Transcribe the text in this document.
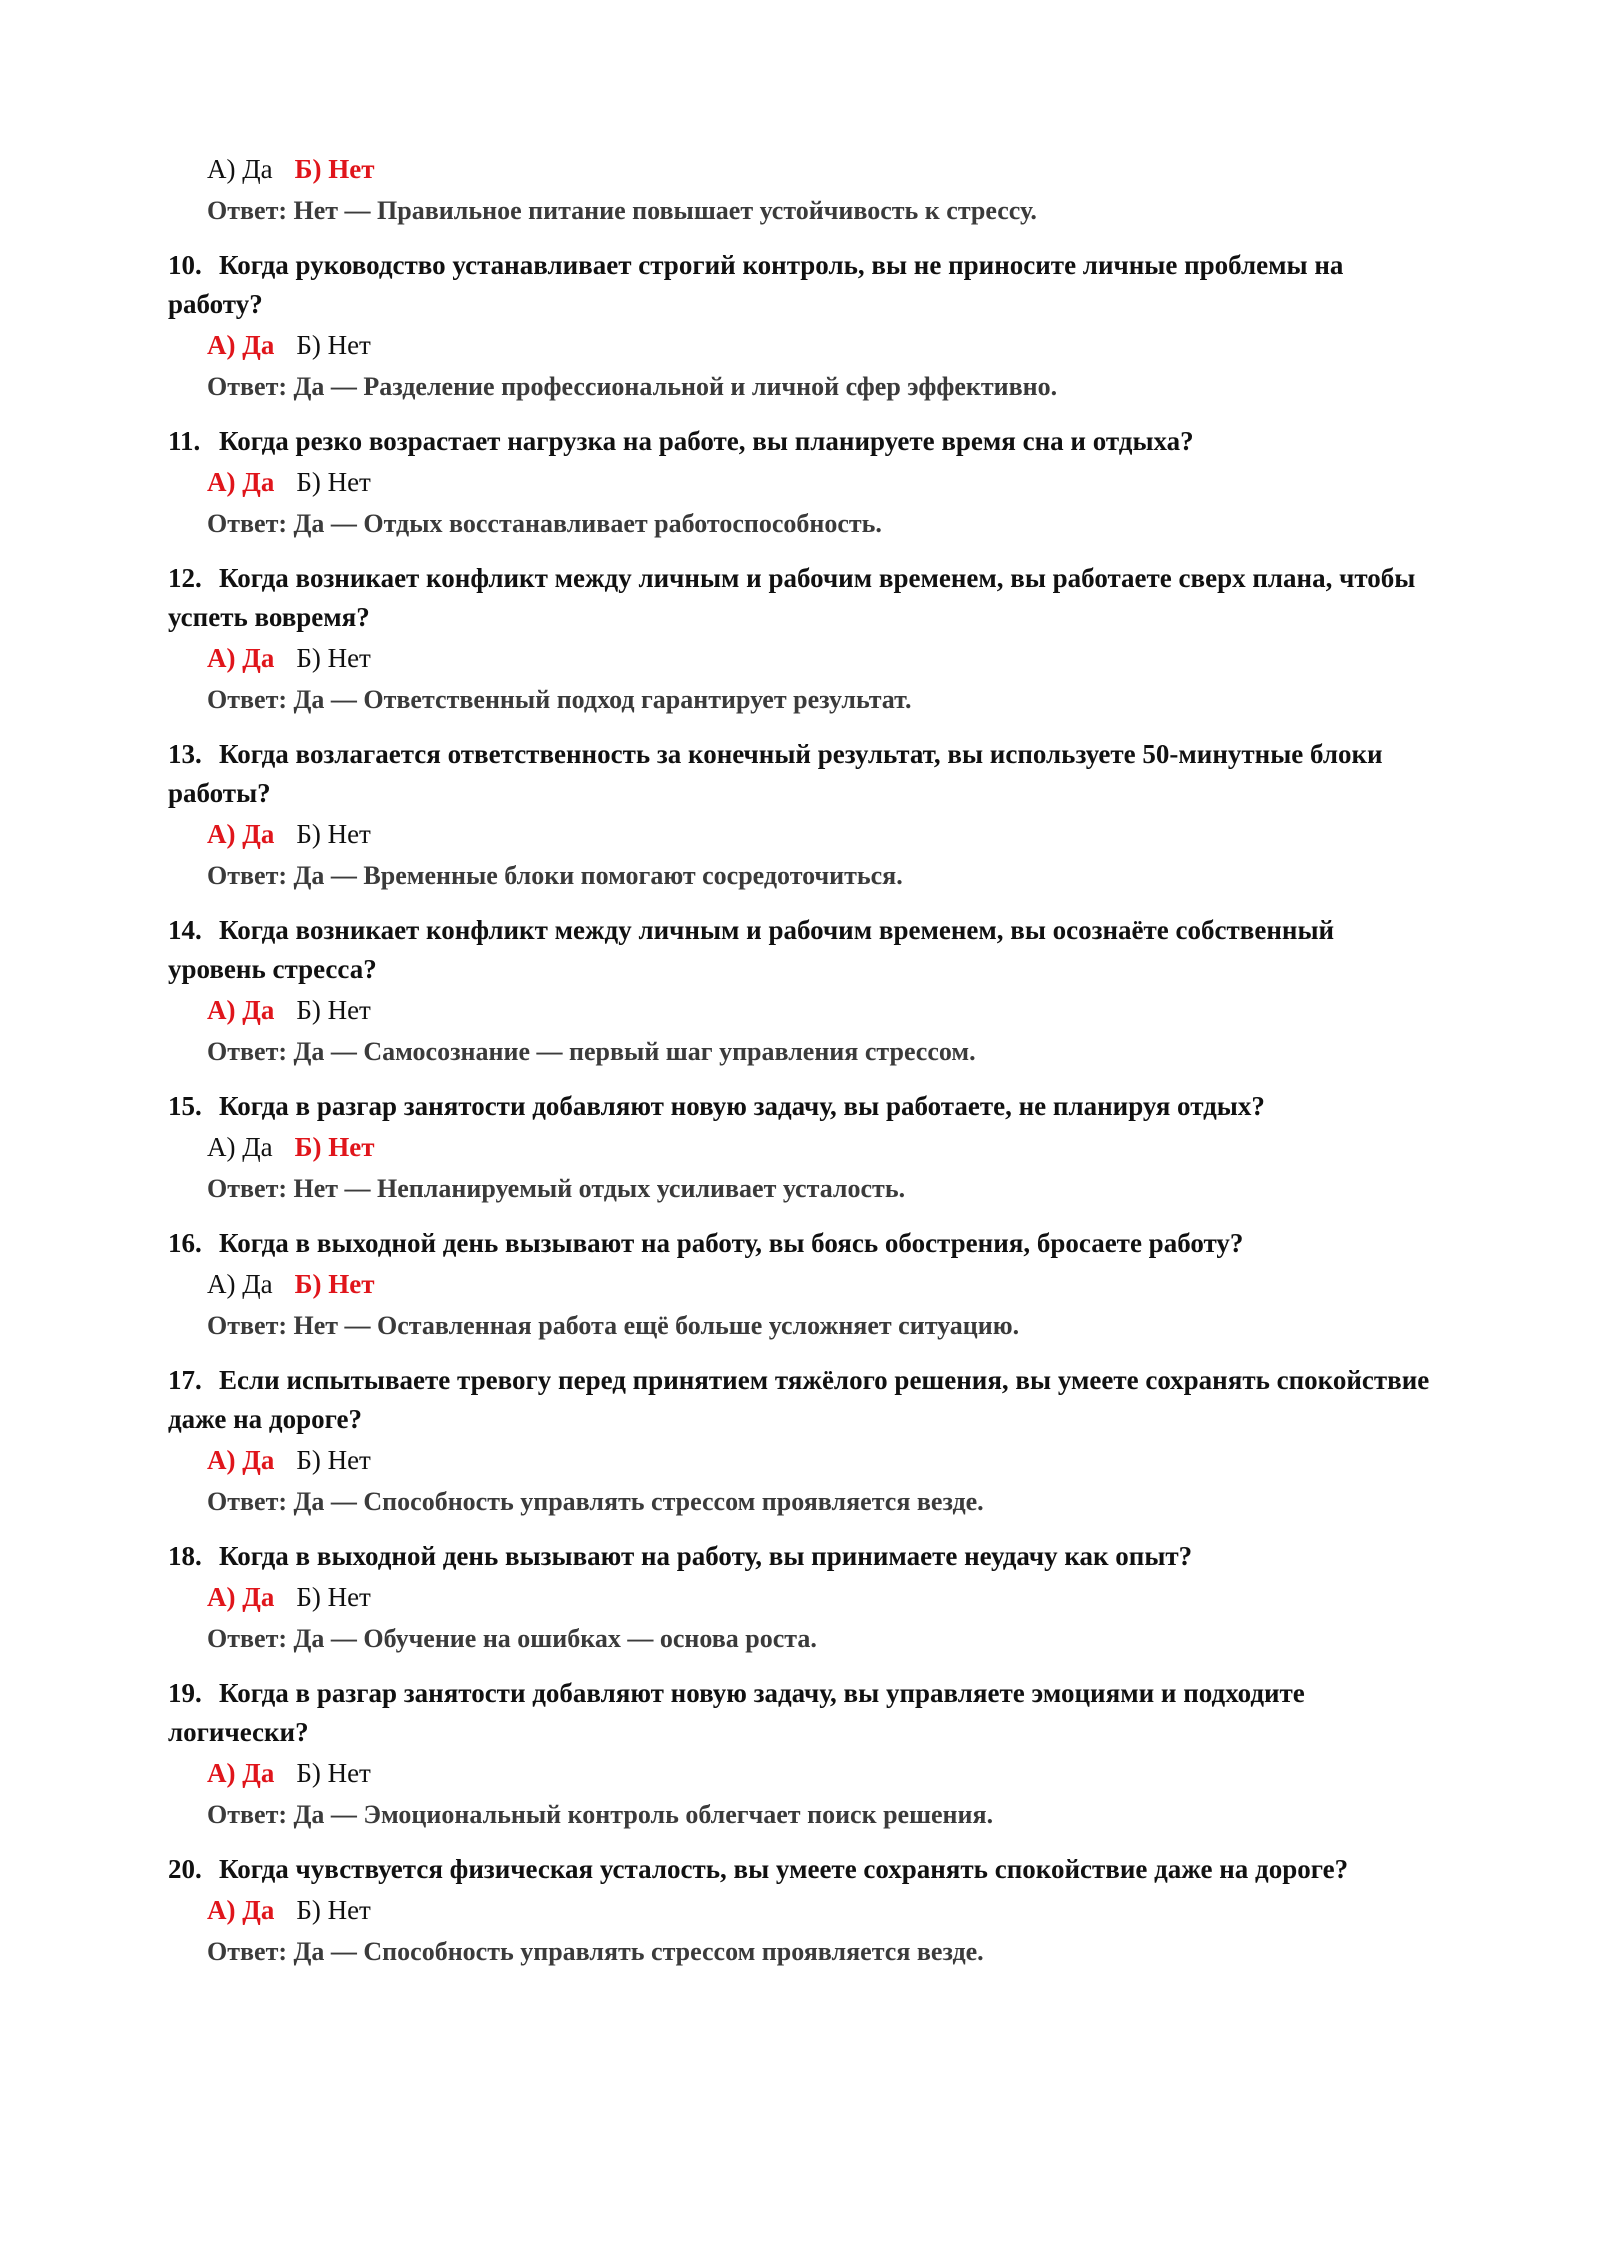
А) Да Б) Нет
Ответ: Нет — Правильное питание повышает устойчивость к стрессу.

10. Когда руководство устанавливает строгий контроль, вы не приносите личные проблемы на работу?

А) Да Б) Нет
Ответ: Да — Разделение профессиональной и личной сфер эффективно.

11. Когда резко возрастает нагрузка на работе, вы планируете время сна и отдыха?

А) Да Б) Нет
Ответ: Да — Отдых восстанавливает работоспособность.

12. Когда возникает конфликт между личным и рабочим временем, вы работаете сверх плана, чтобы успеть вовремя?

А) Да Б) Нет
Ответ: Да — Ответственный подход гарантирует результат.

13. Когда возлагается ответственность за конечный результат, вы используете 50-минутные блоки работы?

А) Да Б) Нет
Ответ: Да — Временные блоки помогают сосредоточиться.

14. Когда возникает конфликт между личным и рабочим временем, вы осознаёте собственный уровень стресса?

А) Да Б) Нет
Ответ: Да — Самосознание — первый шаг управления стрессом.

15. Когда в разгар занятости добавляют новую задачу, вы работаете, не планируя отдых?

А) Да Б) Нет
Ответ: Нет — Непланируемый отдых усиливает усталость.

16. Когда в выходной день вызывают на работу, вы боясь обострения, бросаете работу?

А) Да Б) Нет
Ответ: Нет — Оставленная работа ещё больше усложняет ситуацию.

17. Если испытываете тревогу перед принятием тяжёлого решения, вы умеете сохранять спокойствие даже на дороге?

А) Да Б) Нет
Ответ: Да — Способность управлять стрессом проявляется везде.

18. Когда в выходной день вызывают на работу, вы принимаете неудачу как опыт?

А) Да Б) Нет
Ответ: Да — Обучение на ошибках — основа роста.

19. Когда в разгар занятости добавляют новую задачу, вы управляете эмоциями и подходите логически?

А) Да Б) Нет
Ответ: Да — Эмоциональный контроль облегчает поиск решения.

20. Когда чувствуется физическая усталость, вы умеете сохранять спокойствие даже на дороге?

А) Да Б) Нет
Ответ: Да — Способность управлять стрессом проявляется везде.
